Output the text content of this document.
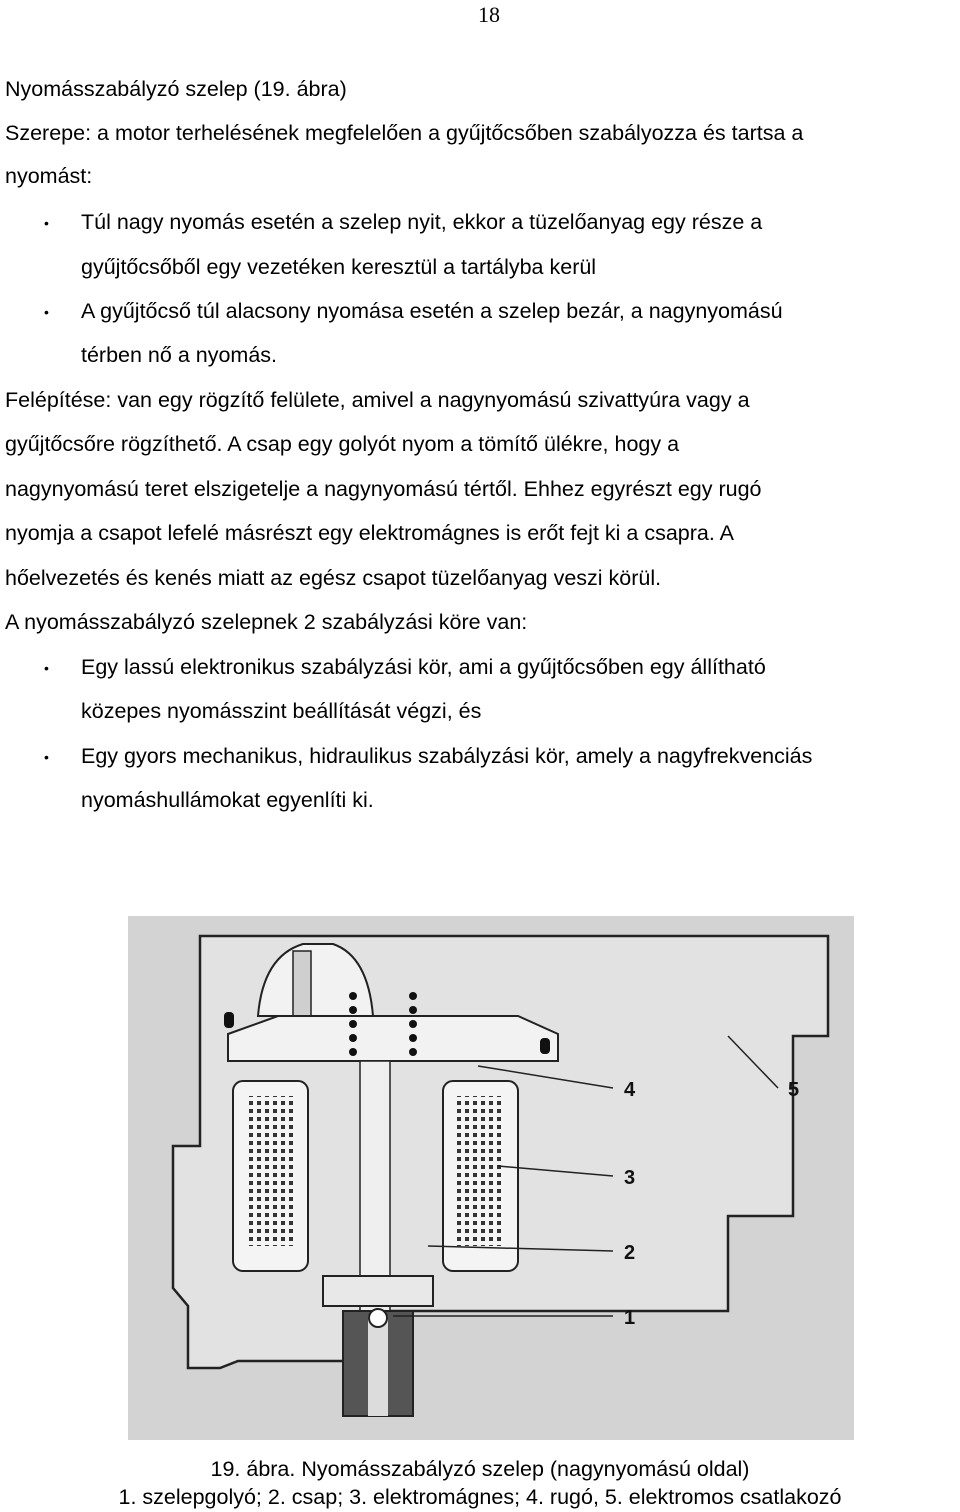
18
Nyomásszabályzó szelep (19. ábra)
Szerepe: a motor terhelésének megfelelően a gyűjtőcsőben szabályozza és tartsa a
nyomást:
• Túl nagy nyomás esetén a szelep nyit, ekkor a tüzelőanyag egy része a
gyűjtőcsőből egy vezetéken keresztül a tartályba kerül
• A gyűjtőcső túl alacsony nyomása esetén a szelep bezár, a nagynyomású
térben nő a nyomás.
Felépítése: van egy rögzítő felülete, amivel a nagynyomású szivattyúra vagy a
gyűjtőcsőre rögzíthető. A csap egy golyót nyom a tömítő ülékre, hogy a
nagynyomású teret elszigetelje a nagynyomású tértől. Ehhez egyrészt egy rugó
nyomja a csapot lefelé másrészt egy elektromágnes is erőt fejt ki a csapra. A
hőelvezetés és kenés miatt az egész csapot tüzelőanyag veszi körül.
A nyomásszabályzó szelepnek 2 szabályzási köre van:
• Egy lassú elektronikus szabályzási kör, ami a gyűjtőcsőben egy állítható
közepes nyomásszint beállítását végzi, és
• Egy gyors mechanikus, hidraulikus szabályzási kör, amely a nagyfrekvenciás
nyomáshullámokat egyenlíti ki.
4	5
3
2
1
19. ábra. Nyomásszabályzó szelep (nagynyomású oldal)
1. szelepgolyó; 2. csap; 3. elektromágnes; 4. rugó, 5. elektromos csatlakozó
